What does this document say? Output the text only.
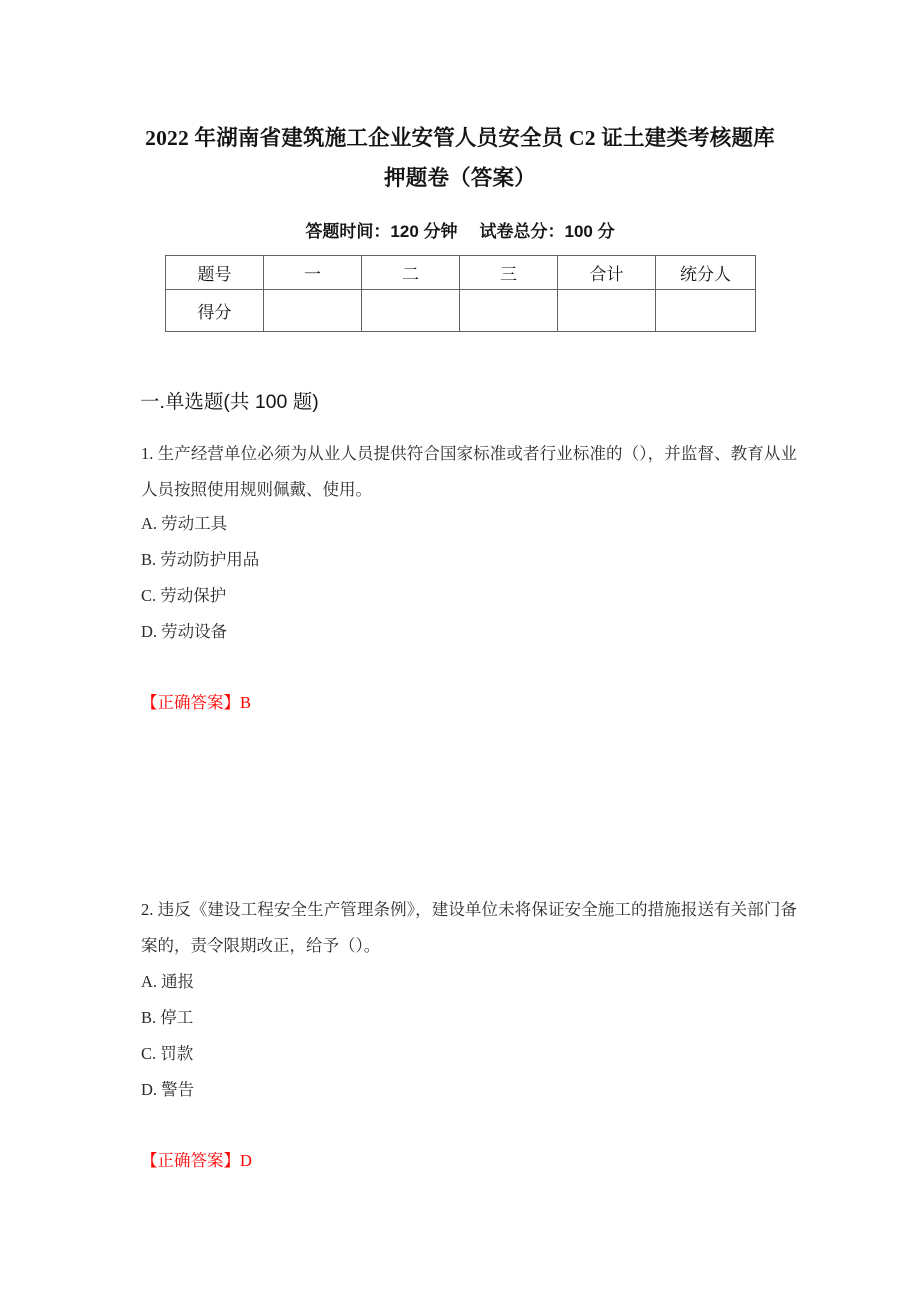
2022 年湖南省建筑施工企业安管人员安全员 C2 证土建类考核题库
押题卷（答案）
答题时间：120 分钟 试卷总分：100 分
题号	一	二	三	合计	统分人
得分					
一.单选题(共 100 题)
1. 生产经营单位必须为从业人员提供符合国家标准或者行业标准的（），并监督、教育从业人员按照使用规则佩戴、使用。
A. 劳动工具
B. 劳动防护用品
C. 劳动保护
D. 劳动设备
【正确答案】B
2. 违反《建设工程安全生产管理条例》，建设单位未将保证安全施工的措施报送有关部门备案的，责令限期改正，给予（）。
A. 通报
B. 停工
C. 罚款
D. 警告
【正确答案】D
